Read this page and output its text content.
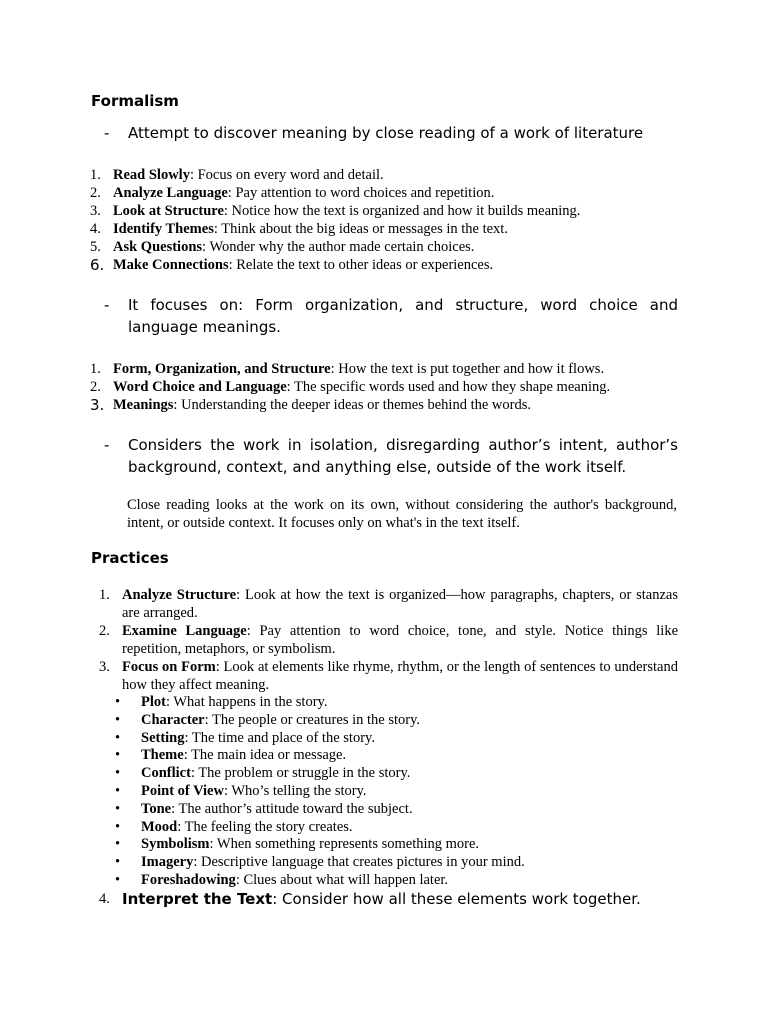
Formalism
-	Attempt to discover meaning by close reading of a work of literature
1. Read Slowly: Focus on every word and detail.
2. Analyze Language: Pay attention to word choices and repetition.
3. Look at Structure: Notice how the text is organized and how it builds meaning.
4. Identify Themes: Think about the big ideas or messages in the text.
5. Ask Questions: Wonder why the author made certain choices.
6. Make Connections: Relate the text to other ideas or experiences.
-	It focuses on: Form organization, and structure, word choice and language meanings.
1. Form, Organization, and Structure: How the text is put together and how it flows.
2. Word Choice and Language: The specific words used and how they shape meaning.
3. Meanings: Understanding the deeper ideas or themes behind the words.
-	Considers the work in isolation, disregarding author’s intent, author’s background, context, and anything else, outside of the work itself.
Close reading looks at the work on its own, without considering the author's background, intent, or outside context. It focuses only on what's in the text itself.
Practices
1. Analyze Structure: Look at how the text is organized—how paragraphs, chapters, or stanzas are arranged.
2. Examine Language: Pay attention to word choice, tone, and style. Notice things like repetition, metaphors, or symbolism.
3. Focus on Form: Look at elements like rhyme, rhythm, or the length of sentences to understand how they affect meaning.
•	Plot: What happens in the story.
•	Character: The people or creatures in the story.
•	Setting: The time and place of the story.
•	Theme: The main idea or message.
•	Conflict: The problem or struggle in the story.
•	Point of View: Who’s telling the story.
•	Tone: The author’s attitude toward the subject.
•	Mood: The feeling the story creates.
•	Symbolism: When something represents something more.
•	Imagery: Descriptive language that creates pictures in your mind.
•	Foreshadowing: Clues about what will happen later.
4. Interpret the Text: Consider how all these elements work together.
